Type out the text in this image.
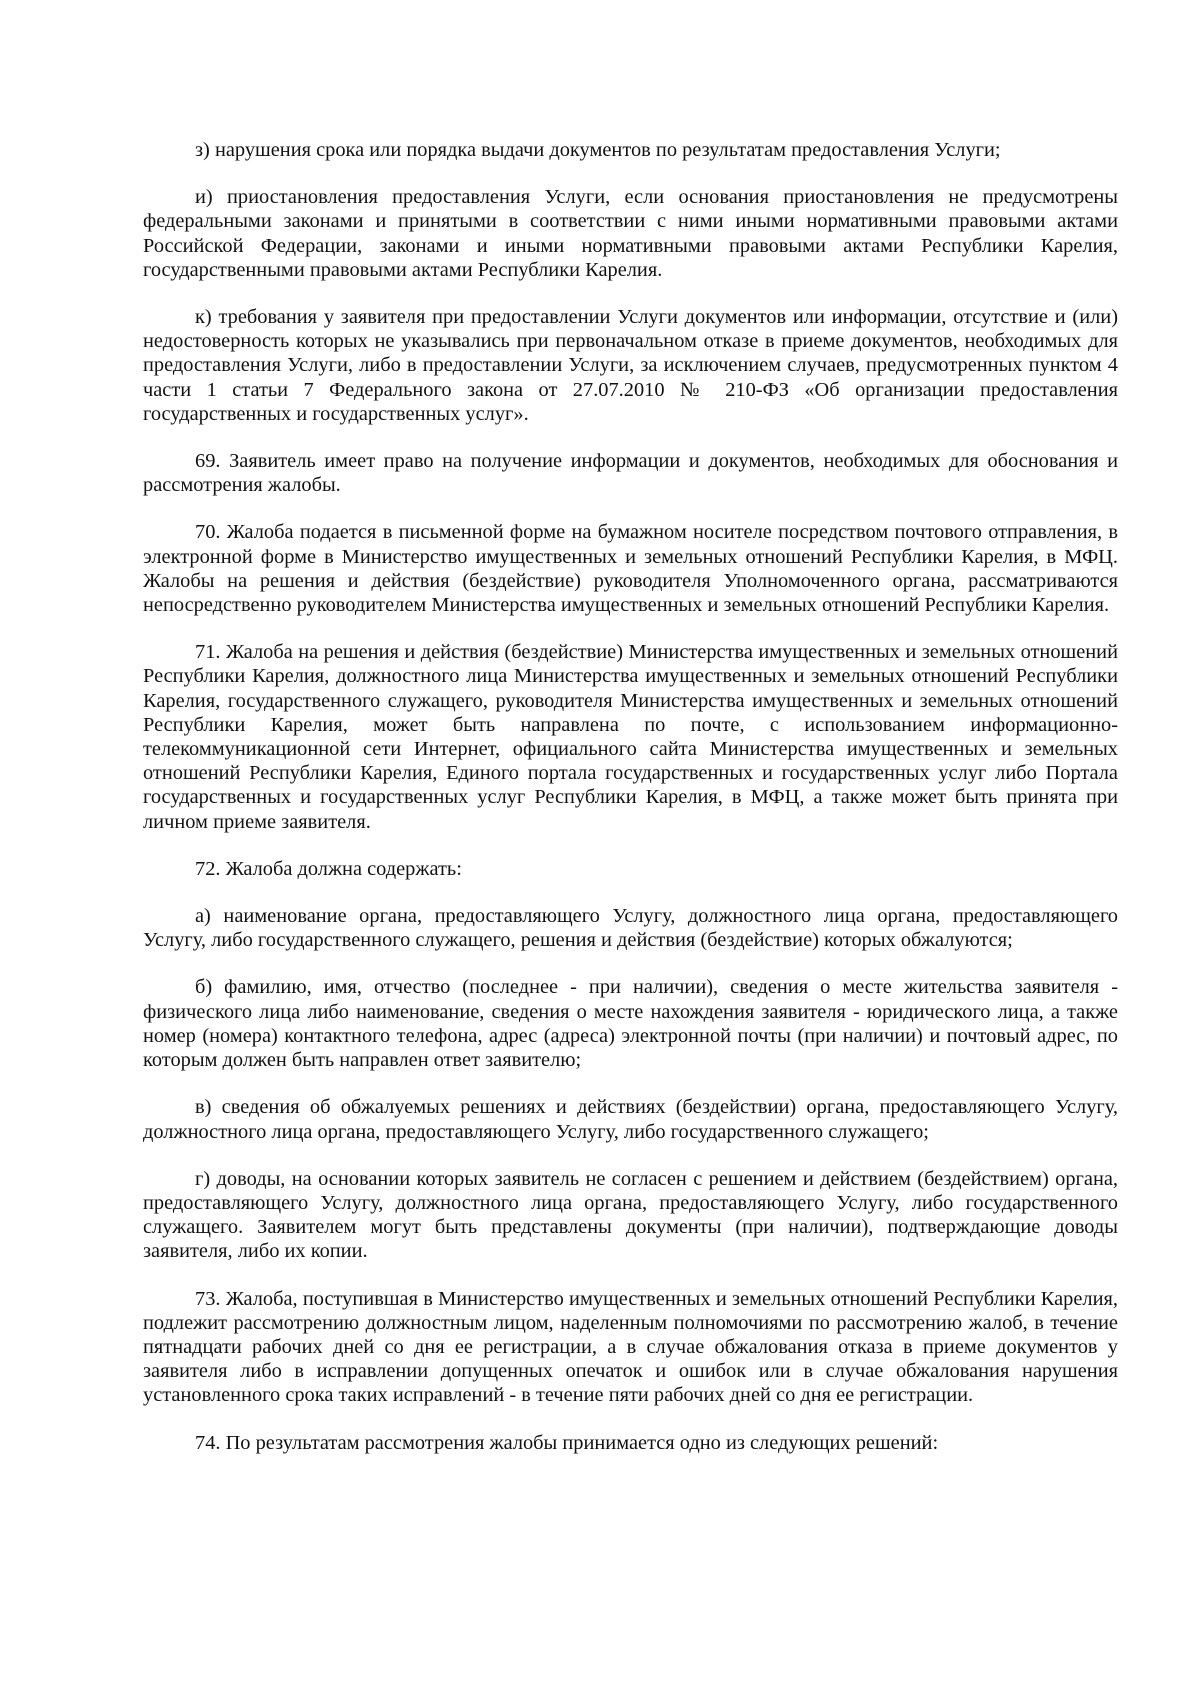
з) нарушения срока или порядка выдачи документов по результатам предоставления Услуги;

и) приостановления предоставления Услуги, если основания приостановления не предусмотрены федеральными законами и принятыми в соответствии с ними иными нормативными правовыми актами Российской Федерации, законами и иными нормативными правовыми актами Республики Карелия, государственными правовыми актами Республики Карелия.

к) требования у заявителя при предоставлении Услуги документов или информации, отсутствие и (или) недостоверность которых не указывались при первоначальном отказе в приеме документов, необходимых для предоставления Услуги, либо в предоставлении Услуги, за исключением случаев, предусмотренных пунктом 4 части 1 статьи 7 Федерального закона от 27.07.2010 № 210-ФЗ «Об организации предоставления государственных и государственных услуг».

69. Заявитель имеет право на получение информации и документов, необходимых для обоснования и рассмотрения жалобы.

70. Жалоба подается в письменной форме на бумажном носителе посредством почтового отправления, в электронной форме в Министерство имущественных и земельных отношений Республики Карелия, в МФЦ. Жалобы на решения и действия (бездействие) руководителя Уполномоченного органа, рассматриваются непосредственно руководителем Министерства имущественных и земельных отношений Республики Карелия.

71. Жалоба на решения и действия (бездействие) Министерства имущественных и земельных отношений Республики Карелия, должностного лица Министерства имущественных и земельных отношений Республики Карелия, государственного служащего, руководителя Министерства имущественных и земельных отношений Республики Карелия, может быть направлена по почте, с использованием информационно-телекоммуникационной сети Интернет, официального сайта Министерства имущественных и земельных отношений Республики Карелия, Единого портала государственных и государственных услуг либо Портала государственных и государственных услуг Республики Карелия, в МФЦ, а также может быть принята при личном приеме заявителя.

72. Жалоба должна содержать:

а) наименование органа, предоставляющего Услугу, должностного лица органа, предоставляющего Услугу, либо государственного служащего, решения и действия (бездействие) которых обжалуются;

б) фамилию, имя, отчество (последнее - при наличии), сведения о месте жительства заявителя - физического лица либо наименование, сведения о месте нахождения заявителя - юридического лица, а также номер (номера) контактного телефона, адрес (адреса) электронной почты (при наличии) и почтовый адрес, по которым должен быть направлен ответ заявителю;

в) сведения об обжалуемых решениях и действиях (бездействии) органа, предоставляющего Услугу, должностного лица органа, предоставляющего Услугу, либо государственного служащего;

г) доводы, на основании которых заявитель не согласен с решением и действием (бездействием) органа, предоставляющего Услугу, должностного лица органа, предоставляющего Услугу, либо государственного служащего. Заявителем могут быть представлены документы (при наличии), подтверждающие доводы заявителя, либо их копии.

73. Жалоба, поступившая в Министерство имущественных и земельных отношений Республики Карелия, подлежит рассмотрению должностным лицом, наделенным полномочиями по рассмотрению жалоб, в течение пятнадцати рабочих дней со дня ее регистрации, а в случае обжалования отказа в приеме документов у заявителя либо в исправлении допущенных опечаток и ошибок или в случае обжалования нарушения установленного срока таких исправлений - в течение пяти рабочих дней со дня ее регистрации.

74. По результатам рассмотрения жалобы принимается одно из следующих решений:
